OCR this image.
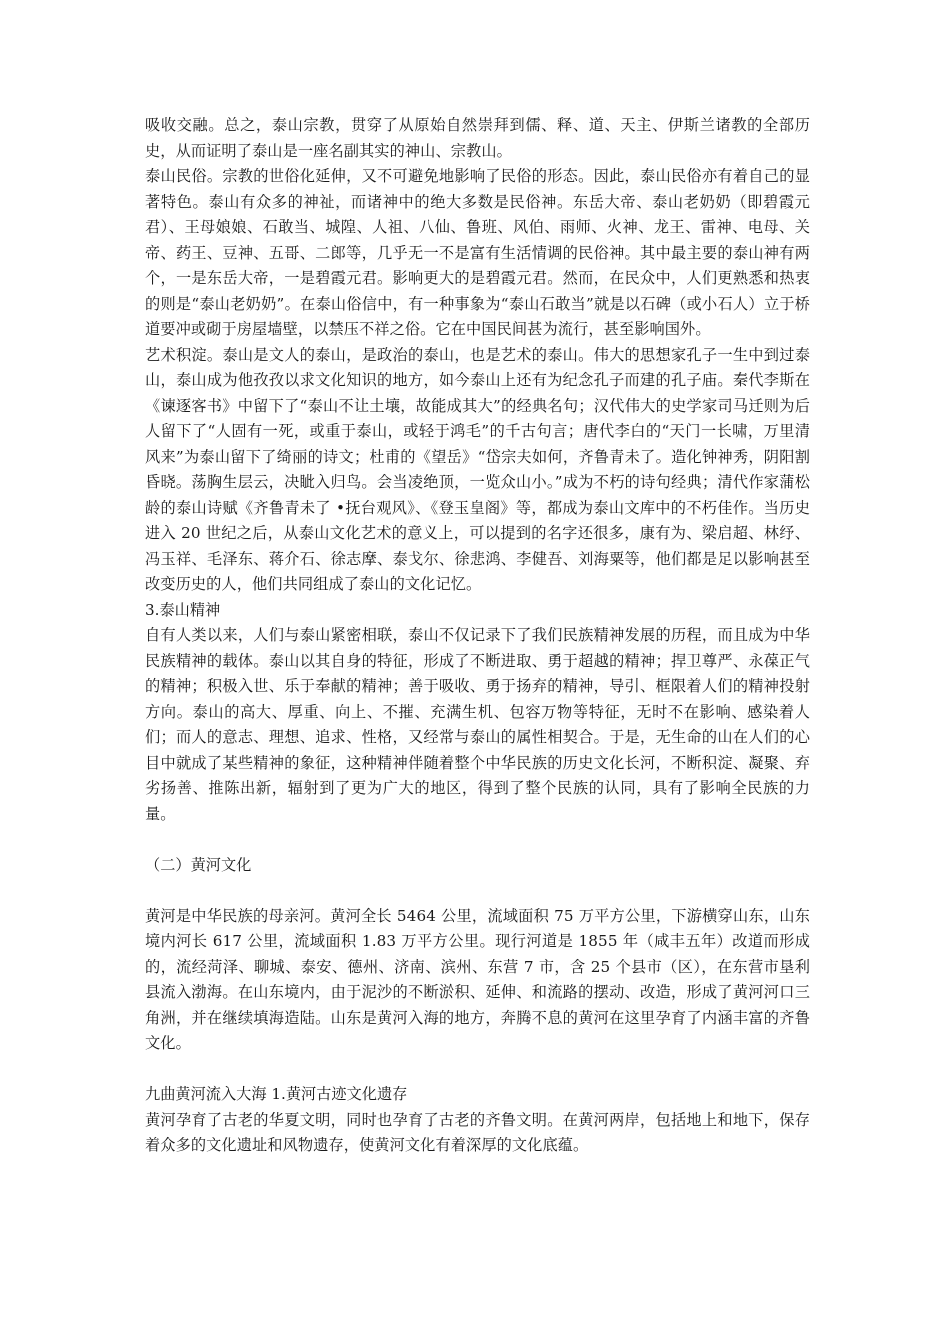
吸收交融。总之，泰山宗教，贯穿了从原始自然崇拜到儒、释、道、天主、伊斯兰诸教的全部历史，从而证明了泰山是一座名副其实的神山、宗教山。

泰山民俗。宗教的世俗化延伸，又不可避免地影响了民俗的形态。因此，泰山民俗亦有着自己的显著特色。泰山有众多的神祉，而诸神中的绝大多数是民俗神。东岳大帝、泰山老奶奶（即碧霞元君）、王母娘娘、石敢当、城隍、人祖、八仙、鲁班、风伯、雨师、火神、龙王、雷神、电母、关帝、药王、豆神、五哥、二郎等，几乎无一不是富有生活情调的民俗神。其中最主要的泰山神有两个，一是东岳大帝，一是碧霞元君。影响更大的是碧霞元君。然而，在民众中，人们更熟悉和热衷的则是“泰山老奶奶”。在泰山俗信中，有一种事象为“泰山石敢当”就是以石碑（或小石人）立于桥道要冲或砌于房屋墙壁，以禁压不祥之俗。它在中国民间甚为流行，甚至影响国外。

艺术积淀。泰山是文人的泰山，是政治的泰山，也是艺术的泰山。伟大的思想家孔子一生中到过泰山，泰山成为他孜孜以求文化知识的地方，如今泰山上还有为纪念孔子而建的孔子庙。秦代李斯在《谏逐客书》中留下了“泰山不让土壤，故能成其大”的经典名句；汉代伟大的史学家司马迁则为后人留下了“人固有一死，或重于泰山，或轻于鸿毛”的千古句言；唐代李白的“天门一长啸，万里清风来”为泰山留下了绮丽的诗文；杜甫的《望岳》“岱宗夫如何，齐鲁青未了。造化钟神秀，阴阳割昏晓。荡胸生层云，决眦入归鸟。会当凌绝顶，一览众山小。”成为不朽的诗句经典；清代作家蒲松龄的泰山诗赋《齐鲁青未了 •抚台观风》、《登玉皇阁》等，都成为泰山文库中的不朽佳作。当历史进入 20 世纪之后，从泰山文化艺术的意义上，可以提到的名字还很多，康有为、梁启超、林纾、冯玉祥、毛泽东、蒋介石、徐志摩、泰戈尔、徐悲鸿、李健吾、刘海粟等，他们都是足以影响甚至改变历史的人，他们共同组成了泰山的文化记忆。

3.泰山精神

自有人类以来，人们与泰山紧密相联，泰山不仅记录下了我们民族精神发展的历程，而且成为中华民族精神的载体。泰山以其自身的特征，形成了不断进取、勇于超越的精神；捍卫尊严、永葆正气的精神；积极入世、乐于奉献的精神；善于吸收、勇于扬弃的精神，导引、框限着人们的精神投射方向。泰山的高大、厚重、向上、不摧、充满生机、包容万物等特征，无时不在影响、感染着人们；而人的意志、理想、追求、性格，又经常与泰山的属性相契合。于是，无生命的山在人们的心目中就成了某些精神的象征，这种精神伴随着整个中华民族的历史文化长河，不断积淀、凝聚、弃劣扬善、推陈出新，辐射到了更为广大的地区，得到了整个民族的认同，具有了影响全民族的力量。

（二）黄河文化

黄河是中华民族的母亲河。黄河全长 5464 公里，流域面积 75 万平方公里，下游横穿山东，山东境内河长 617 公里，流域面积 1.83 万平方公里。现行河道是 1855 年（咸丰五年）改道而形成的，流经菏泽、聊城、泰安、德州、济南、滨州、东营 7 市，含 25 个县市（区），在东营市垦利县流入渤海。在山东境内，由于泥沙的不断淤积、延伸、和流路的摆动、改造，形成了黄河河口三角洲，并在继续填海造陆。山东是黄河入海的地方，奔腾不息的黄河在这里孕育了内涵丰富的齐鲁文化。

九曲黄河流入大海 1.黄河古迹文化遗存

黄河孕育了古老的华夏文明，同时也孕育了古老的齐鲁文明。在黄河两岸，包括地上和地下，保存着众多的文化遗址和风物遗存，使黄河文化有着深厚的文化底蕴。
